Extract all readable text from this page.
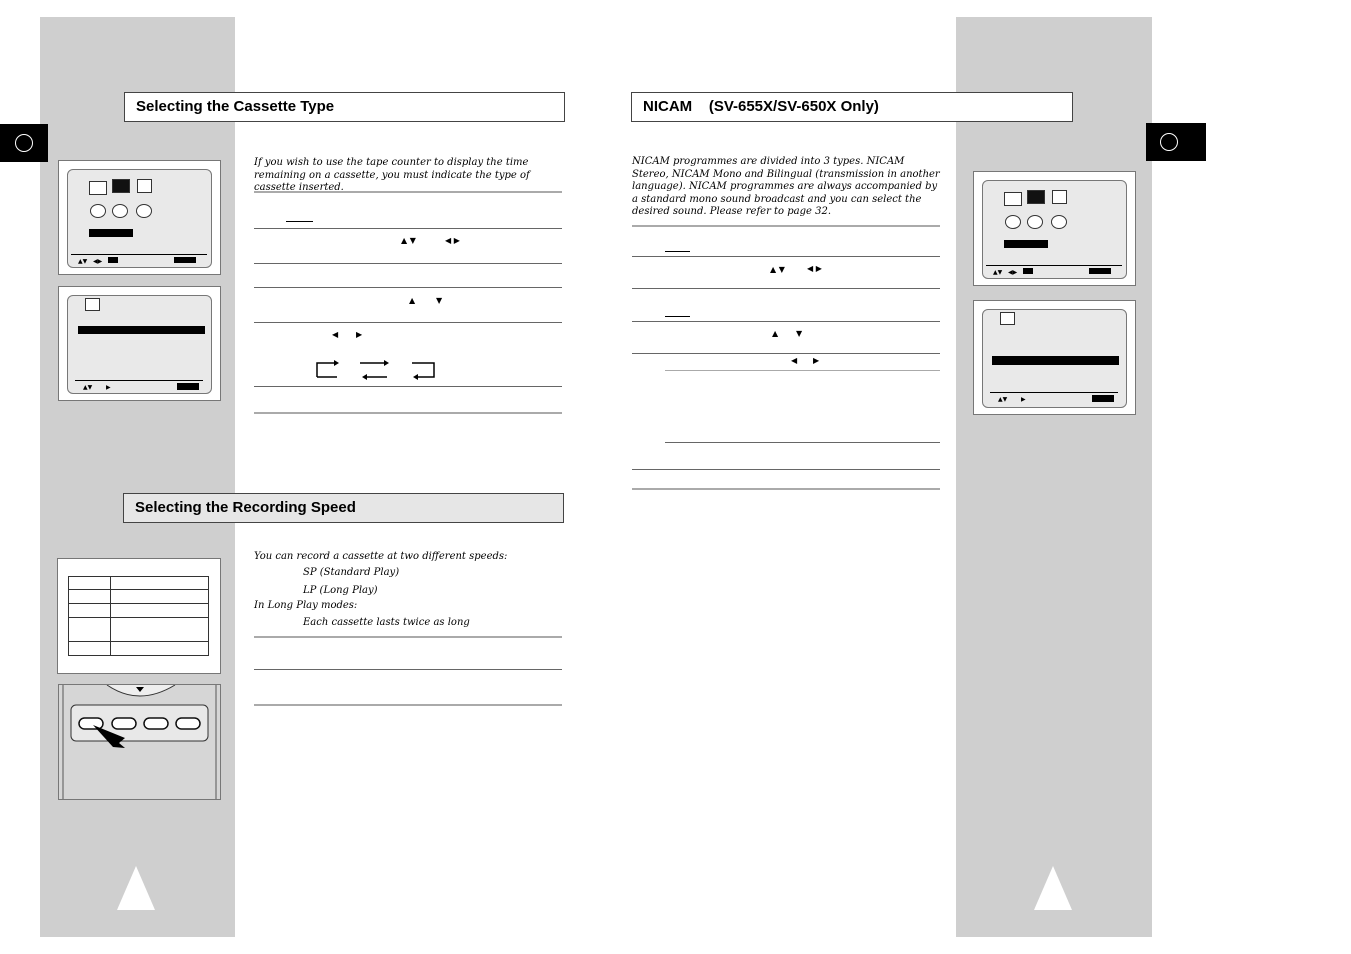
Selecting the Cassette Type
If you wish to use the tape counter to display the time remaining on a cassette, you must indicate the type of cassette inserted.
▲ ▼	◀ ▶
▲	▼
◀ ▶
▲▼ ◀▶
▲▼ ▶
Selecting the Recording Speed
You can record a cassette at two different speeds:
SP (Standard Play)
LP (Long Play)
In Long Play modes:
Each cassette lasts twice as long

NICAM    (SV-655X/SV-650X Only)
NICAM programmes are divided into 3 types. NICAM Stereo, NICAM Mono and Bilingual (transmission in another language). NICAM programmes are always accompanied by a standard mono sound broadcast and you can select the desired sound. Please refer to page 32.
▲ ▼	◀ ▶
▲ ▼
◀ ▶
▲▼ ◀▶
▲▼ ▶
